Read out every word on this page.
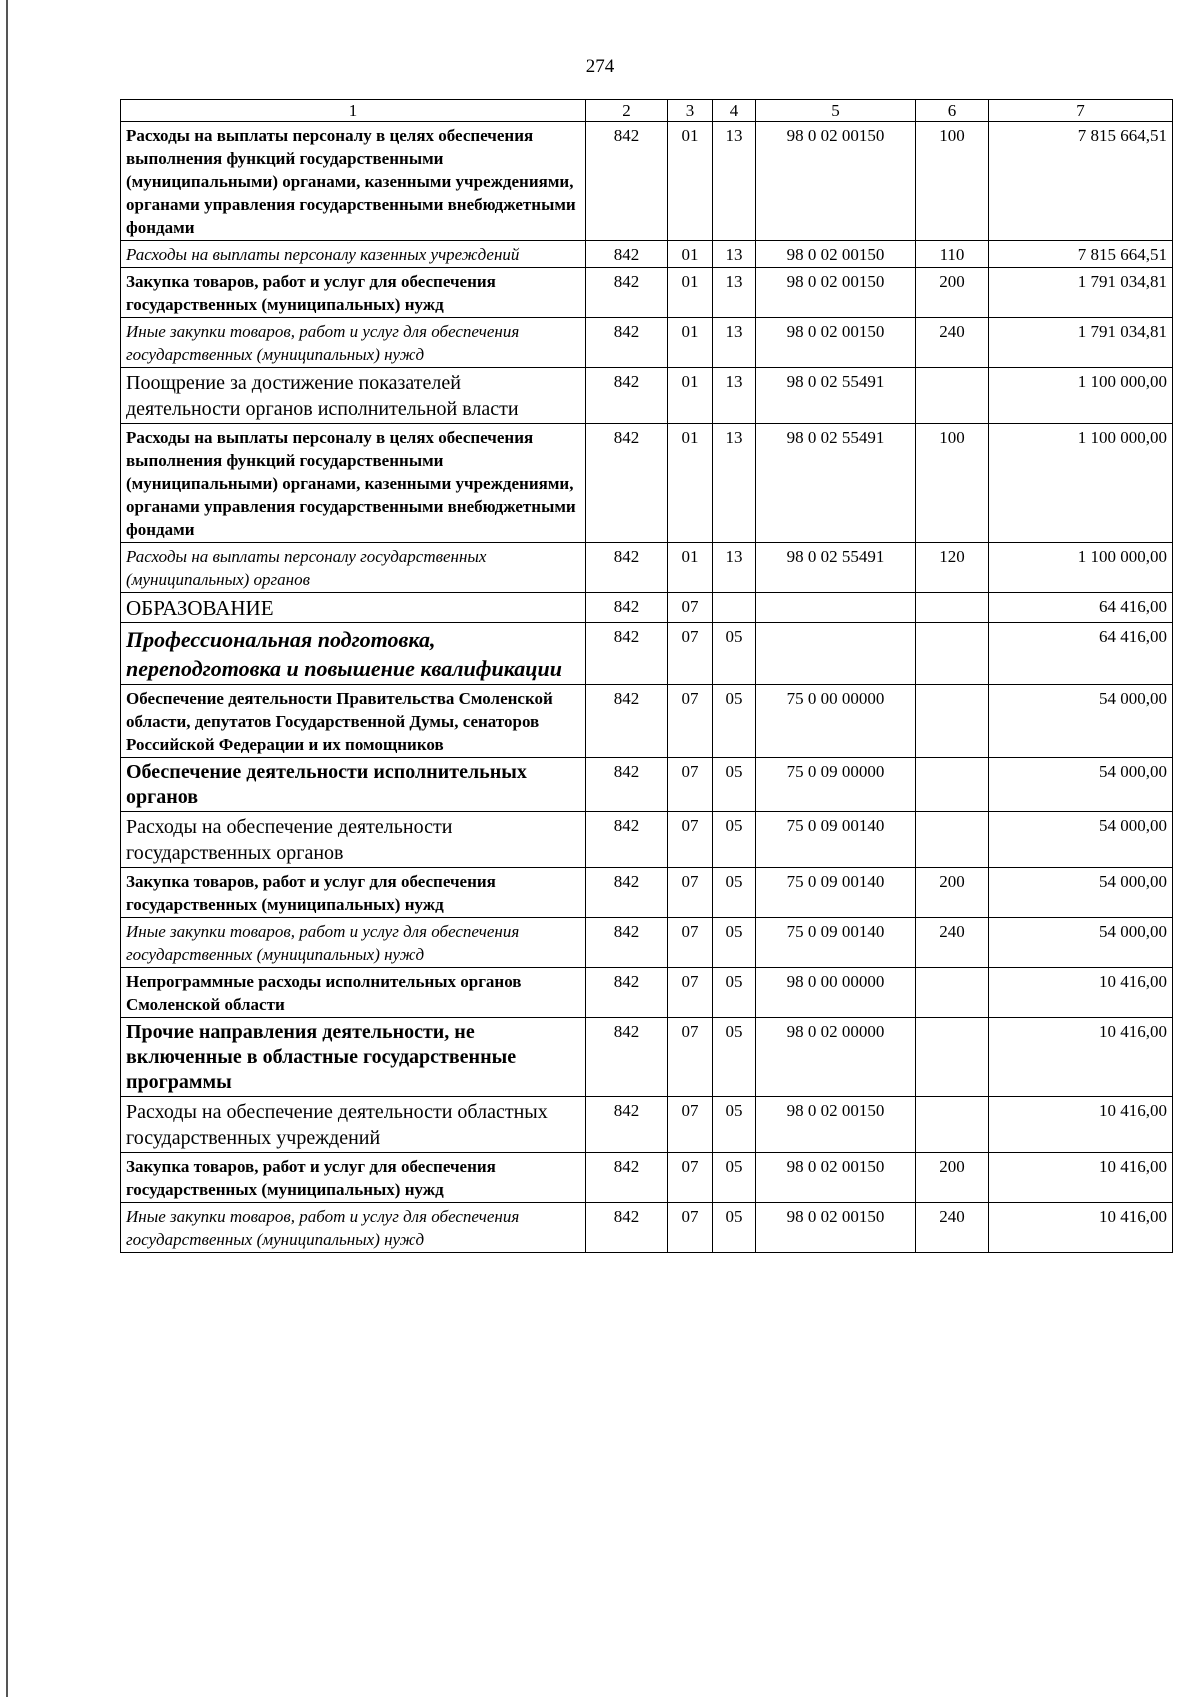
274
1	2	3	4	5	6	7
Расходы на выплаты персоналу в целях обеспечения выполнения функций государственными (муниципальными) органами, казенными учреждениями, органами управления государственными внебюджетными фондами	842	01	13	98 0 02 00150	100	7 815 664,51
Расходы на выплаты персоналу казенных учреждений	842	01	13	98 0 02 00150	110	7 815 664,51
Закупка товаров, работ и услуг для обеспечения государственных (муниципальных) нужд	842	01	13	98 0 02 00150	200	1 791 034,81
Иные закупки товаров, работ и услуг для обеспечения государственных (муниципальных) нужд	842	01	13	98 0 02 00150	240	1 791 034,81
Поощрение за достижение показателей деятельности органов исполнительной власти	842	01	13	98 0 02 55491		1 100 000,00
Расходы на выплаты персоналу в целях обеспечения выполнения функций государственными (муниципальными) органами, казенными учреждениями, органами управления государственными внебюджетными фондами	842	01	13	98 0 02 55491	100	1 100 000,00
Расходы на выплаты персоналу государственных (муниципальных) органов	842	01	13	98 0 02 55491	120	1 100 000,00
ОБРАЗОВАНИЕ	842	07				64 416,00
Профессиональная подготовка, переподготовка и повышение квалификации	842	07	05			64 416,00
Обеспечение деятельности Правительства Смоленской области, депутатов Государственной Думы, сенаторов Российской Федерации и их помощников	842	07	05	75 0 00 00000		54 000,00
Обеспечение деятельности исполнительных органов	842	07	05	75 0 09 00000		54 000,00
Расходы на обеспечение деятельности государственных органов	842	07	05	75 0 09 00140		54 000,00
Закупка товаров, работ и услуг для обеспечения государственных (муниципальных) нужд	842	07	05	75 0 09 00140	200	54 000,00
Иные закупки товаров, работ и услуг для обеспечения государственных (муниципальных) нужд	842	07	05	75 0 09 00140	240	54 000,00
Непрограммные расходы исполнительных органов Смоленской области	842	07	05	98 0 00 00000		10 416,00
Прочие направления деятельности, не включенные в областные государственные программы	842	07	05	98 0 02 00000		10 416,00
Расходы на обеспечение деятельности областных государственных учреждений	842	07	05	98 0 02 00150		10 416,00
Закупка товаров, работ и услуг для обеспечения государственных (муниципальных) нужд	842	07	05	98 0 02 00150	200	10 416,00
Иные закупки товаров, работ и услуг для обеспечения государственных (муниципальных) нужд	842	07	05	98 0 02 00150	240	10 416,00
